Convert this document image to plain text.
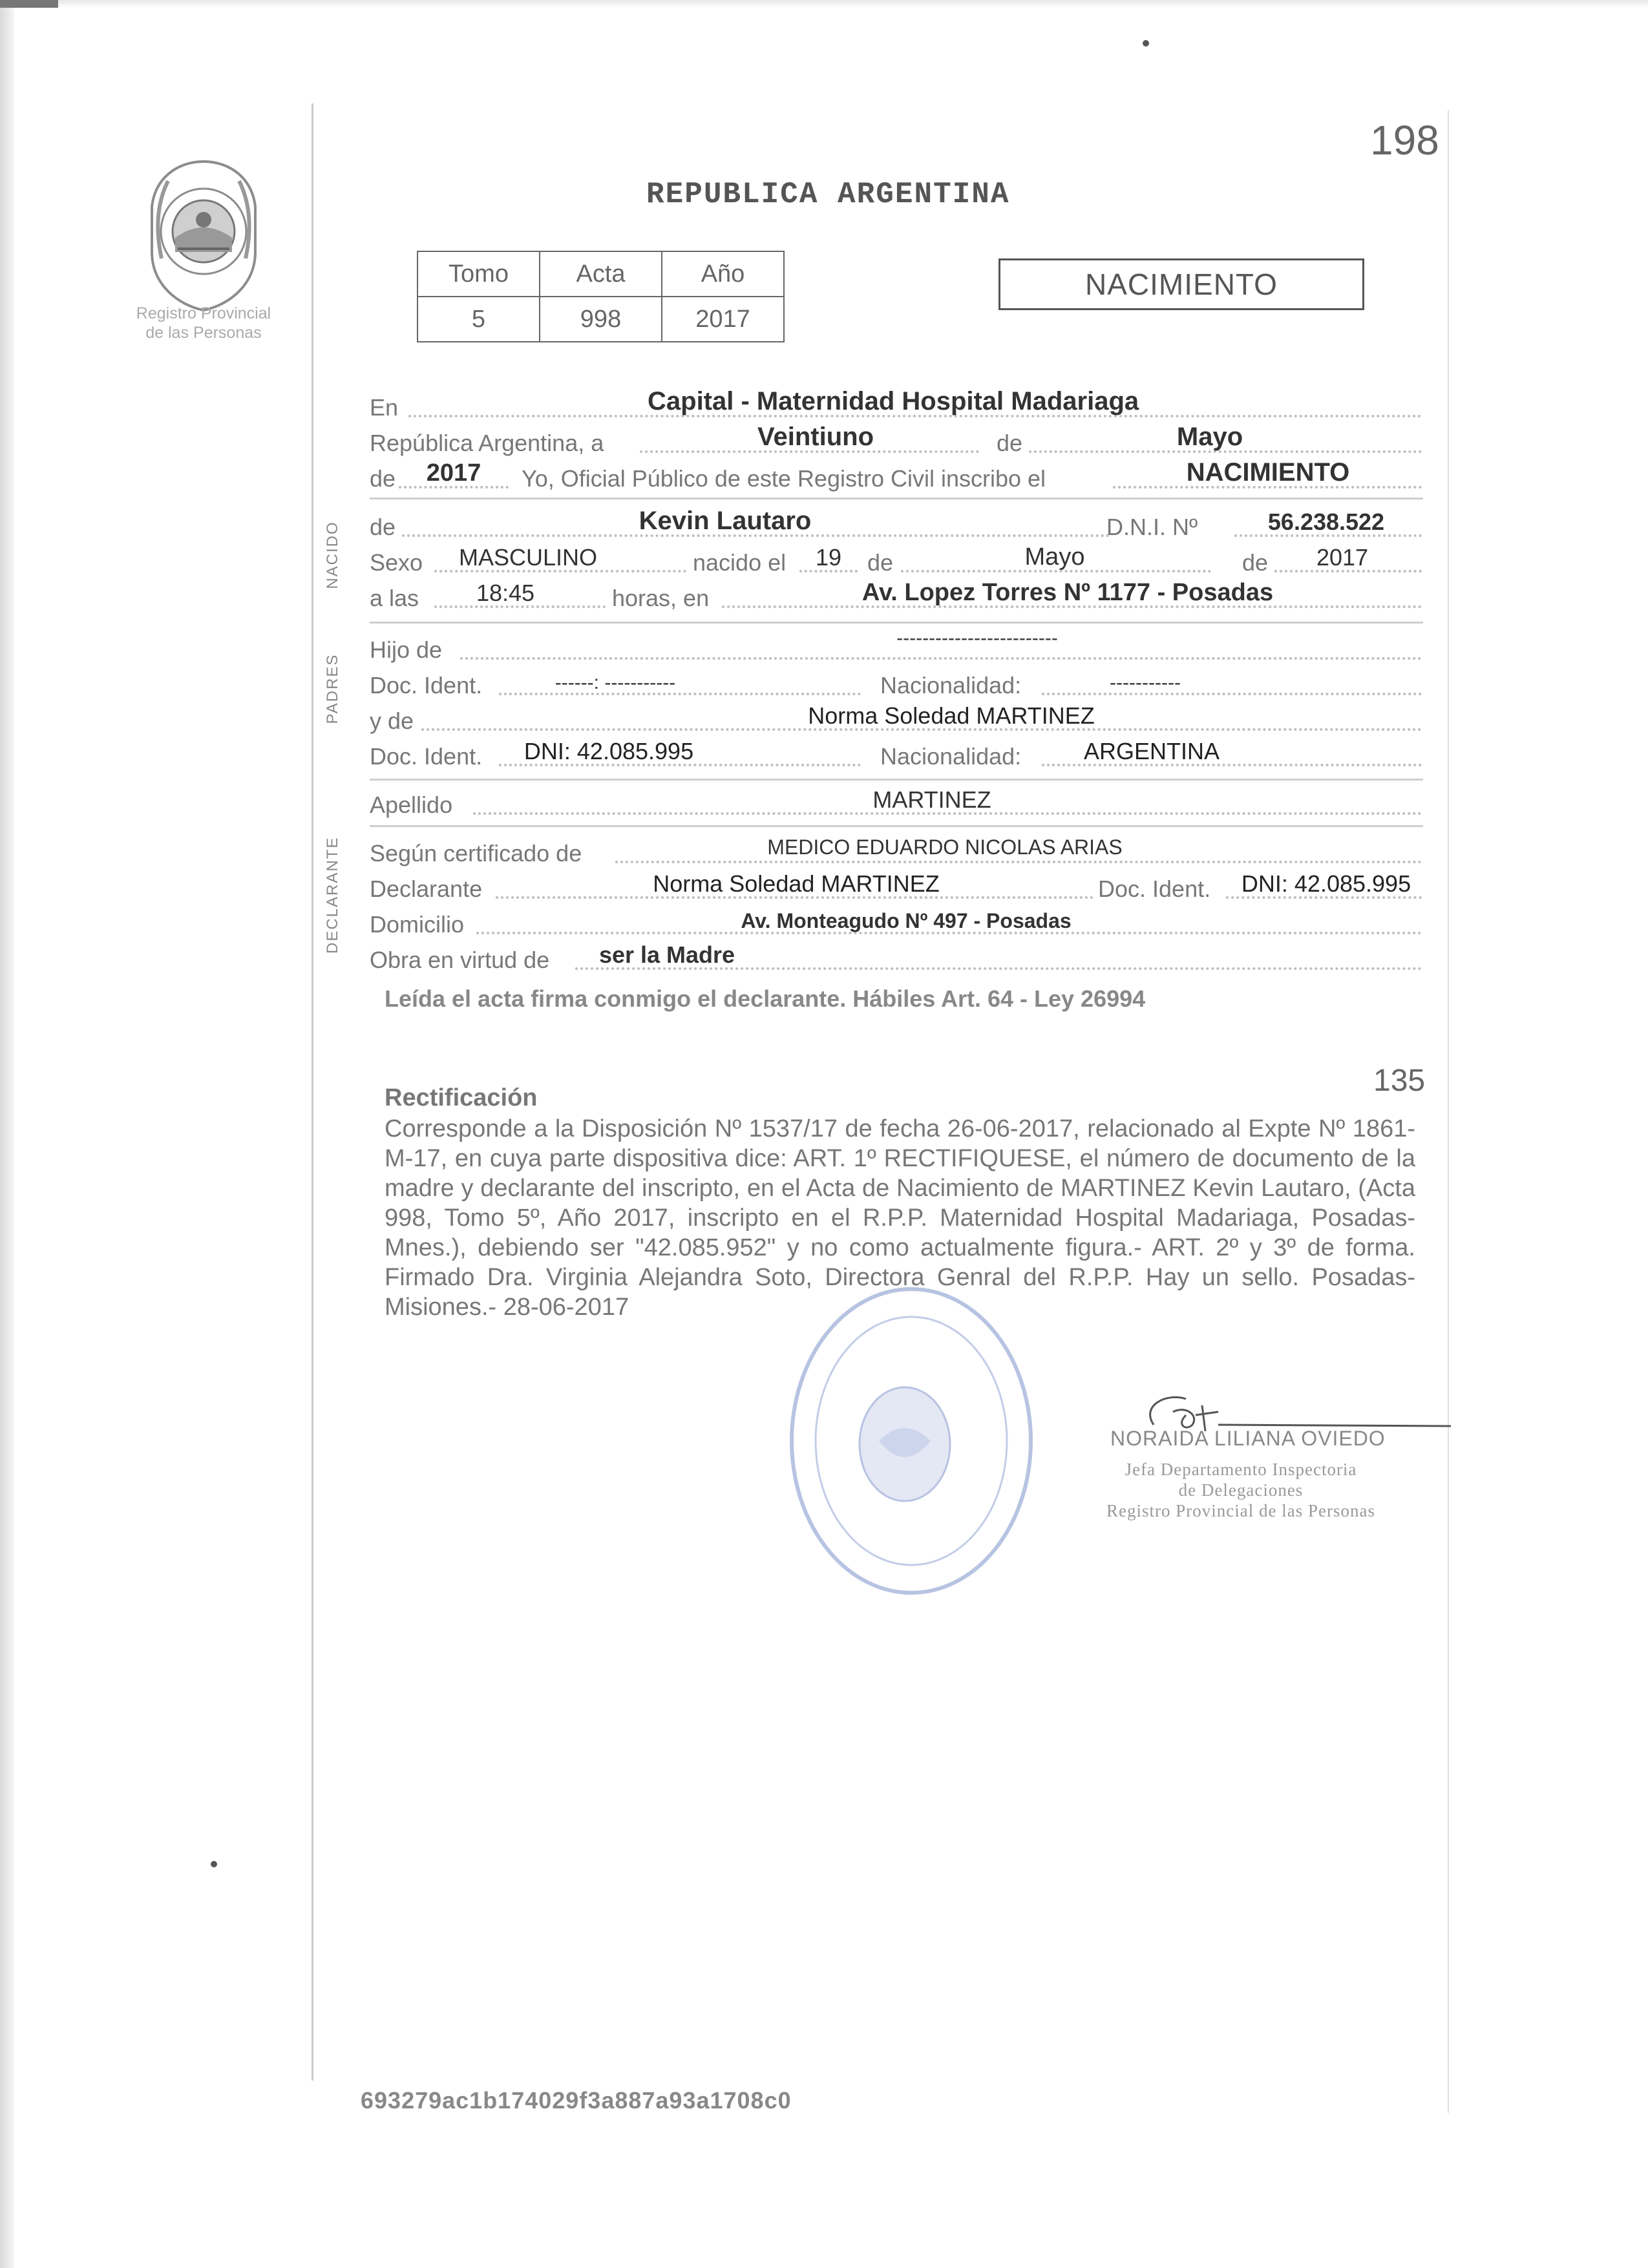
Registro Provincial
de las Personas
198
REPUBLICA ARGENTINA
Tomo	Acta	Año
5	998	2017
NACIMIENTO
En	Capital - Maternidad Hospital Madariaga
República Argentina, a	Veintiuno	de	Mayo
de	2017	Yo, Oficial Público de este Registro Civil inscribo el	NACIMIENTO
de	Kevin Lautaro	D.N.I. Nº	56.238.522
Sexo	MASCULINO	nacido el	19	de	Mayo	de	2017
a las	18:45	horas, en	Av. Lopez Torres Nº 1177 - Posadas
Hijo de	-------------------------
Doc. Ident.	------: -----------	Nacionalidad:	-----------
y de	Norma Soledad MARTINEZ
Doc. Ident.	DNI: 42.085.995	Nacionalidad:	ARGENTINA
Apellido	MARTINEZ
Según certificado de	MEDICO EDUARDO NICOLAS ARIAS
Declarante	Norma Soledad MARTINEZ	Doc. Ident.	DNI: 42.085.995
Domicilio	Av. Monteagudo Nº 497 - Posadas
Obra en virtud de	ser la Madre
NACIDO
PADRES
DECLARANTE
Leída el acta firma conmigo el declarante. Hábiles Art. 64 - Ley 26994
135
Rectificación
Corresponde a la Disposición Nº 1537/17 de fecha 26-06-2017, relacionado al Expte Nº 1861-M-17, en cuya parte dispositiva dice: ART. 1º RECTIFIQUESE, el número de documento de la madre y declarante del inscripto, en el Acta de Nacimiento de MARTINEZ Kevin Lautaro, (Acta 998, Tomo 5º, Año 2017, inscripto en el R.P.P. Maternidad Hospital Madariaga, Posadas-Mnes.), debiendo ser "42.085.952" y no como actualmente figura.- ART. 2º y 3º de forma. Firmado Dra. Virginia Alejandra Soto, Directora Genral del R.P.P. Hay un sello. Posadas- Misiones.- 28-06-2017
NORAIDA LILIANA OVIEDO
Jefa Departamento Inspectoria
de Delegaciones
Registro Provincial de las Personas
693279ac1b174029f3a887a93a1708c0
